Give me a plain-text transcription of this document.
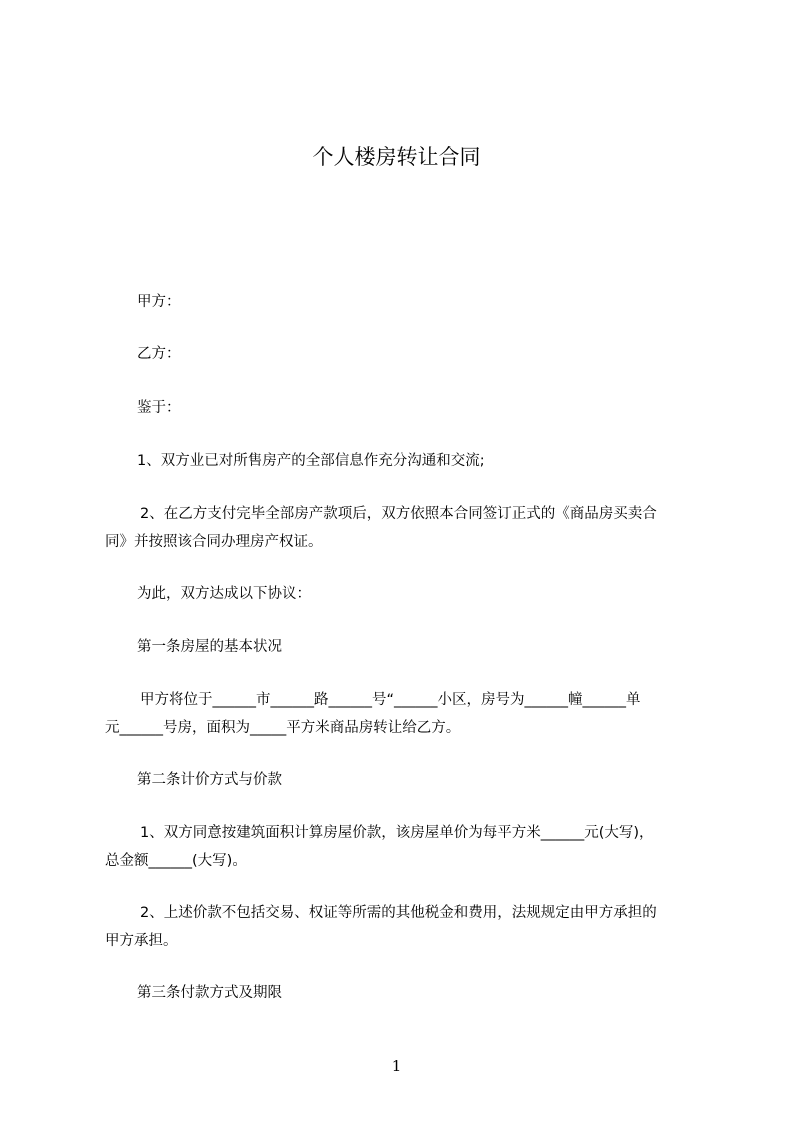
个人楼房转让合同

甲方：

乙方：

鉴于：

1、双方业已对所售房产的全部信息作充分沟通和交流;

2、在乙方支付完毕全部房产款项后，双方依照本合同签订正式的《商品房买卖合
同》并按照该合同办理房产权证。

为此，双方达成以下协议：

第一条房屋的基本状况

甲方将位于______市______路______号“______小区，房号为______幢______单
元______号房，面积为_____平方米商品房转让给乙方。

第二条计价方式与价款

1、双方同意按建筑面积计算房屋价款，该房屋单价为每平方米______元(大写)，
总金额______(大写)。
2、上述价款不包括交易、权证等所需的其他税金和费用，法规规定由甲方承担的
甲方承担。

第三条付款方式及期限

1
